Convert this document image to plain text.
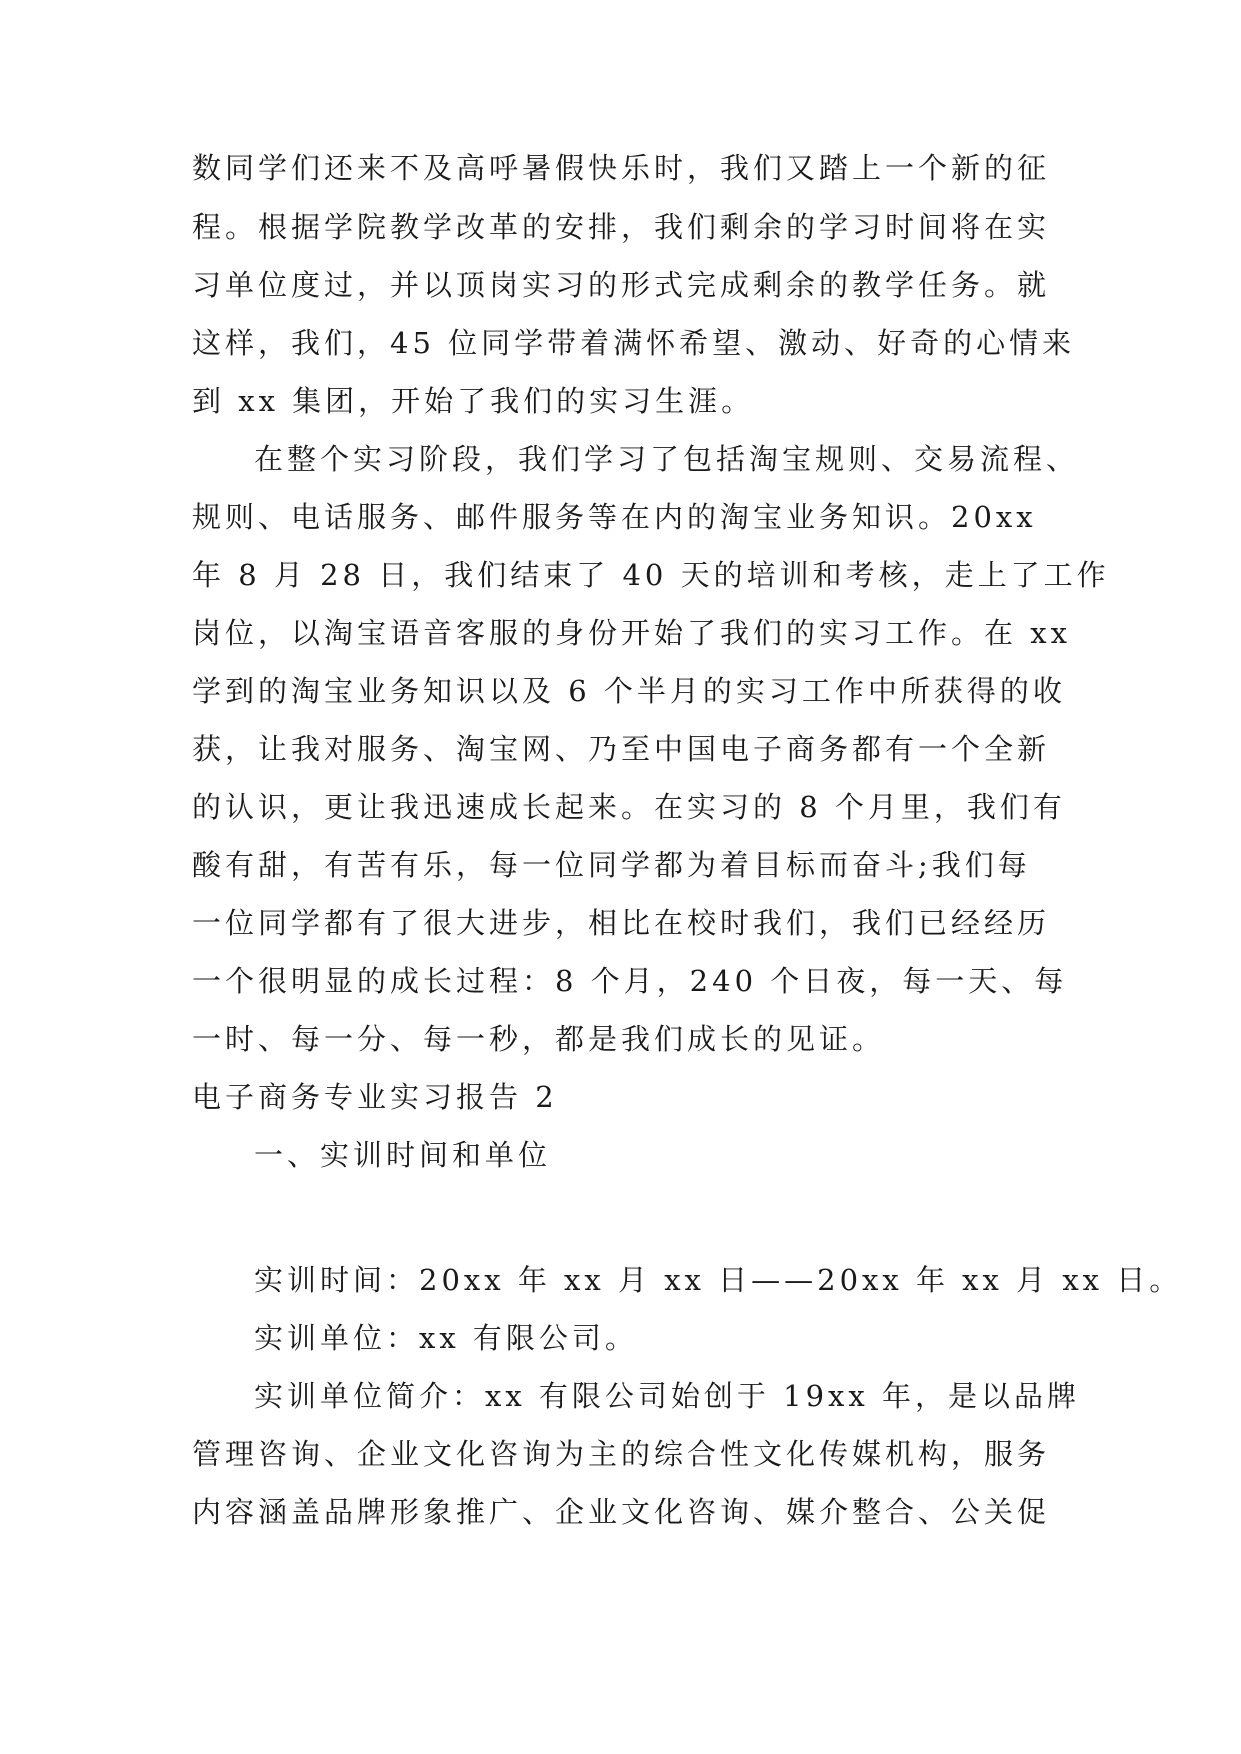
数同学们还来不及高呼暑假快乐时，我们又踏上一个新的征
程。根据学院教学改革的安排，我们剩余的学习时间将在实
习单位度过，并以顶岗实习的形式完成剩余的教学任务。就
这样，我们，45 位同学带着满怀希望、激动、好奇的心情来
到 xx 集团，开始了我们的实习生涯。
在整个实习阶段，我们学习了包括淘宝规则、交易流程、
规则、电话服务、邮件服务等在内的淘宝业务知识。20xx
年 8 月 28 日，我们结束了 40 天的培训和考核，走上了工作
岗位，以淘宝语音客服的身份开始了我们的实习工作。在 xx
学到的淘宝业务知识以及 6 个半月的实习工作中所获得的收
获，让我对服务、淘宝网、乃至中国电子商务都有一个全新
的认识，更让我迅速成长起来。在实习的 8 个月里，我们有
酸有甜，有苦有乐，每一位同学都为着目标而奋斗;我们每
一位同学都有了很大进步，相比在校时我们，我们已经经历
一个很明显的成长过程：8 个月，240 个日夜，每一天、每
一时、每一分、每一秒，都是我们成长的见证。
电子商务专业实习报告 2
一、实训时间和单位
实训时间：20xx 年 xx 月 xx 日——20xx 年 xx 月 xx 日。
实训单位：xx 有限公司。
实训单位简介：xx 有限公司始创于 19xx 年，是以品牌
管理咨询、企业文化咨询为主的综合性文化传媒机构，服务
内容涵盖品牌形象推广、企业文化咨询、媒介整合、公关促
